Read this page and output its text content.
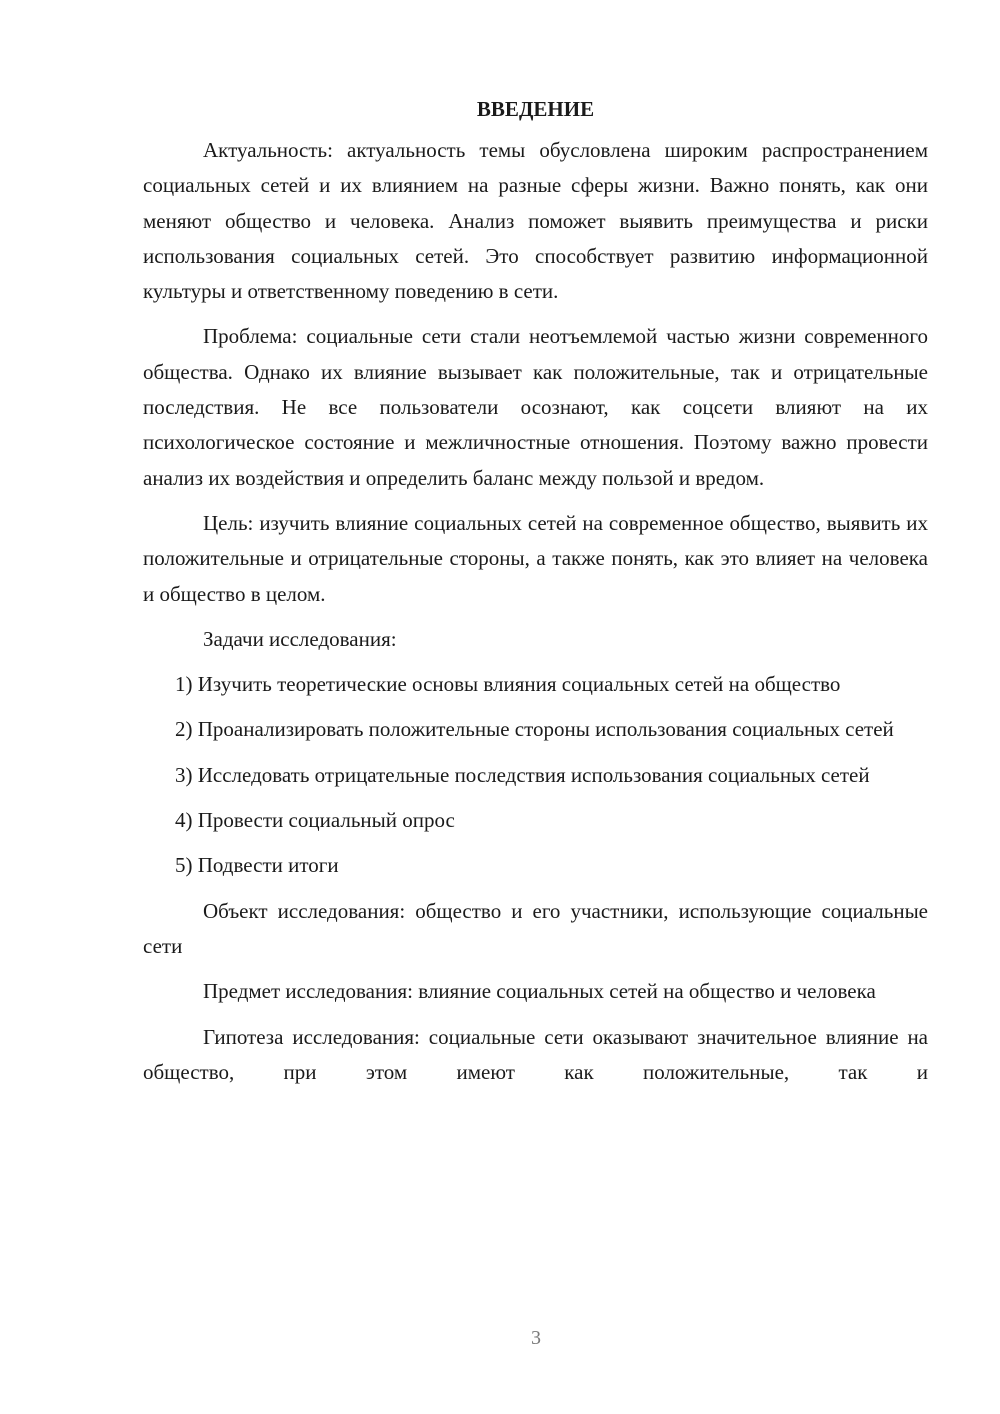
ВВЕДЕНИЕ

Актуальность: актуальность темы обусловлена широким распространением социальных сетей и их влиянием на разные сферы жизни. Важно понять, как они меняют общество и человека. Анализ поможет выявить преимущества и риски использования социальных сетей. Это способствует развитию информационной культуры и ответственному поведению в сети.

Проблема: социальные сети стали неотъемлемой частью жизни современного общества. Однако их влияние вызывает как положительные, так и отрицательные последствия. Не все пользователи осознают, как соцсети влияют на их психологическое состояние и межличностные отношения. Поэтому важно провести анализ их воздействия и определить баланс между пользой и вредом.

Цель: изучить влияние социальных сетей на современное общество, выявить их положительные и отрицательные стороны, а также понять, как это влияет на человека и общество в целом.

Задачи исследования:

1) Изучить теоретические основы влияния социальных сетей на общество

2) Проанализировать положительные стороны использования социальных сетей

3) Исследовать отрицательные последствия использования социальных сетей

4) Провести социальный опрос

5) Подвести итоги

Объект исследования: общество и его участники, использующие социальные сети

Предмет исследования: влияние социальных сетей на общество и человека

Гипотеза исследования: социальные сети оказывают значительное влияние на общество, при этом имеют как положительные, так и

3
